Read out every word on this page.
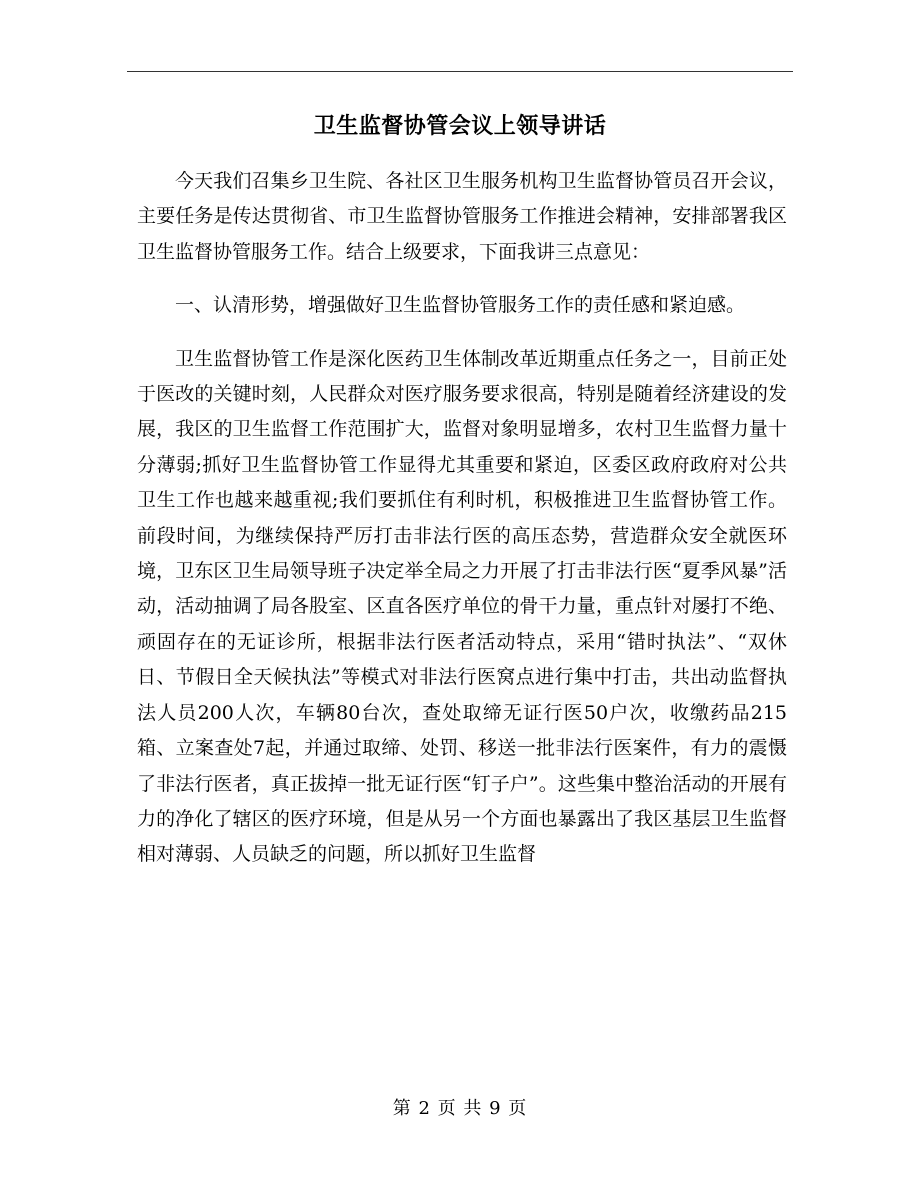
卫生监督协管会议上领导讲话

今天我们召集乡卫生院、各社区卫生服务机构卫生监督协管员召开会议，主要任务是传达贯彻省、市卫生监督协管服务工作推进会精神，安排部署我区卫生监督协管服务工作。结合上级要求，下面我讲三点意见：

一、认清形势，增强做好卫生监督协管服务工作的责任感和紧迫感。

卫生监督协管工作是深化医药卫生体制改革近期重点任务之一，目前正处于医改的关键时刻，人民群众对医疗服务要求很高，特别是随着经济建设的发展，我区的卫生监督工作范围扩大，监督对象明显增多，农村卫生监督力量十分薄弱;抓好卫生监督协管工作显得尤其重要和紧迫，区委区政府政府对公共卫生工作也越来越重视;我们要抓住有利时机，积极推进卫生监督协管工作。前段时间，为继续保持严厉打击非法行医的高压态势，营造群众安全就医环境，卫东区卫生局领导班子决定举全局之力开展了打击非法行医“夏季风暴”活动，活动抽调了局各股室、区直各医疗单位的骨干力量，重点针对屡打不绝、顽固存在的无证诊所，根据非法行医者活动特点，采用“错时执法”、“双休日、节假日全天候执法”等模式对非法行医窝点进行集中打击，共出动监督执法人员200人次，车辆80台次，查处取缔无证行医50户次，收缴药品215箱、立案查处7起，并通过取缔、处罚、移送一批非法行医案件，有力的震慑了非法行医者，真正拔掉一批无证行医“钉子户”。这些集中整治活动的开展有力的净化了辖区的医疗环境，但是从另一个方面也暴露出了我区基层卫生监督相对薄弱、人员缺乏的问题，所以抓好卫生监督

第 2 页 共 9 页
